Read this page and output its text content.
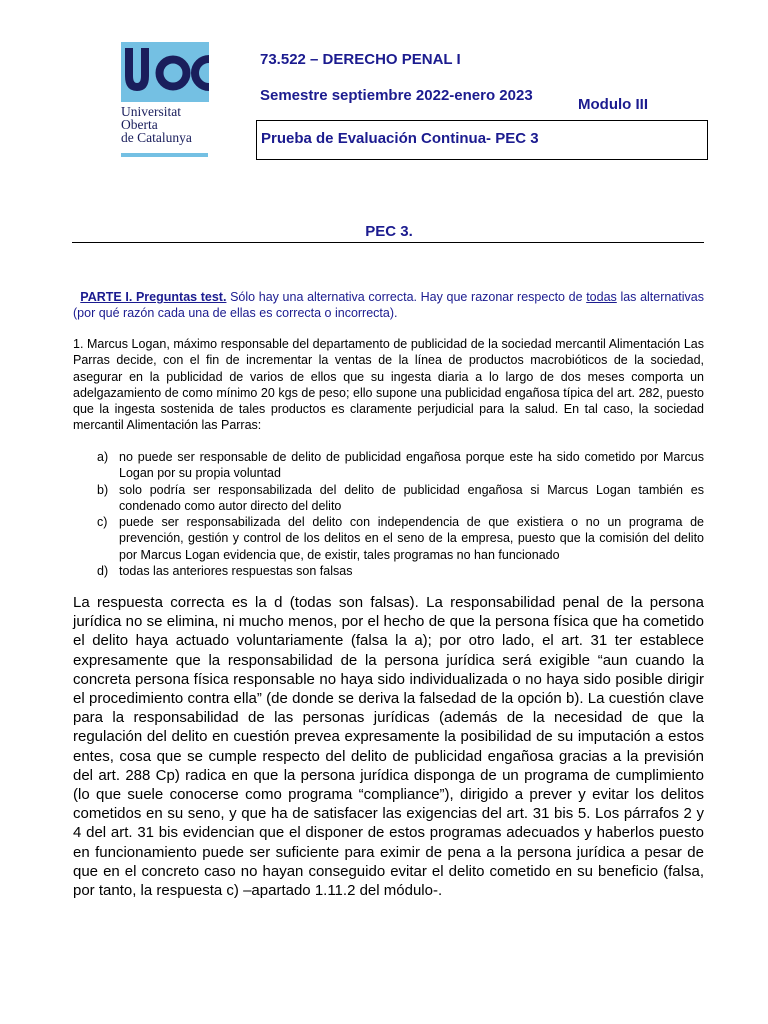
Universitat
Oberta
de Catalunya
73.522 – DERECHO PENAL I
Semestre septiembre 2022-enero 2023
Modulo III
Prueba de Evaluación Continua- PEC 3
PEC 3.
PARTE I. Preguntas test. Sólo hay una alternativa correcta. Hay que razonar respecto de todas las alternativas (por qué razón cada una de ellas es correcta o incorrecta).
1. Marcus Logan, máximo responsable del departamento de publicidad de la sociedad mercantil Alimentación Las Parras decide, con el fin de incrementar la ventas de la línea de productos macrobióticos de la sociedad, asegurar en la publicidad de varios de ellos que su ingesta diaria a lo largo de dos meses comporta un adelgazamiento de como mínimo 20 kgs de peso; ello supone una publicidad engañosa típica del art. 282, puesto que la ingesta sostenida de tales productos es claramente perjudicial para la salud. En tal caso, la sociedad mercantil Alimentación las Parras:
a) no puede ser responsable de delito de publicidad engañosa porque este ha sido cometido por Marcus Logan por su propia voluntad
b) solo podría ser responsabilizada del delito de publicidad engañosa si Marcus Logan también es condenado como autor directo del delito
c) puede ser responsabilizada del delito con independencia de que existiera o no un programa de prevención, gestión y control de los delitos en el seno de la empresa, puesto que la comisión del delito por Marcus Logan evidencia que, de existir, tales programas no han funcionado
d) todas las anteriores respuestas son falsas
La respuesta correcta es la d (todas son falsas). La responsabilidad penal de la persona jurídica no se elimina, ni mucho menos, por el hecho de que la persona física que ha cometido el delito haya actuado voluntariamente (falsa la a); por otro lado, el art. 31 ter establece expresamente que la responsabilidad de la persona jurídica será exigible “aun cuando la concreta persona física responsable no haya sido individualizada o no haya sido posible dirigir el procedimiento contra ella” (de donde se deriva la falsedad de la opción b). La cuestión clave para la responsabilidad de las personas jurídicas (además de la necesidad de que la regulación del delito en cuestión prevea expresamente la posibilidad de su imputación a estos entes, cosa que se cumple respecto del delito de publicidad engañosa gracias a la previsión del art. 288 Cp) radica en que la persona jurídica disponga de un programa de cumplimiento (lo que suele conocerse como programa “compliance”), dirigido a prever y evitar los delitos cometidos en su seno, y que ha de satisfacer las exigencias del art. 31 bis 5. Los párrafos 2 y 4 del art. 31 bis evidencian que el disponer de estos programas adecuados y haberlos puesto en funcionamiento puede ser suficiente para eximir de pena a la persona jurídica a pesar de que en el concreto caso no hayan conseguido evitar el delito cometido en su beneficio (falsa, por tanto, la respuesta c) –apartado 1.11.2 del módulo-.
